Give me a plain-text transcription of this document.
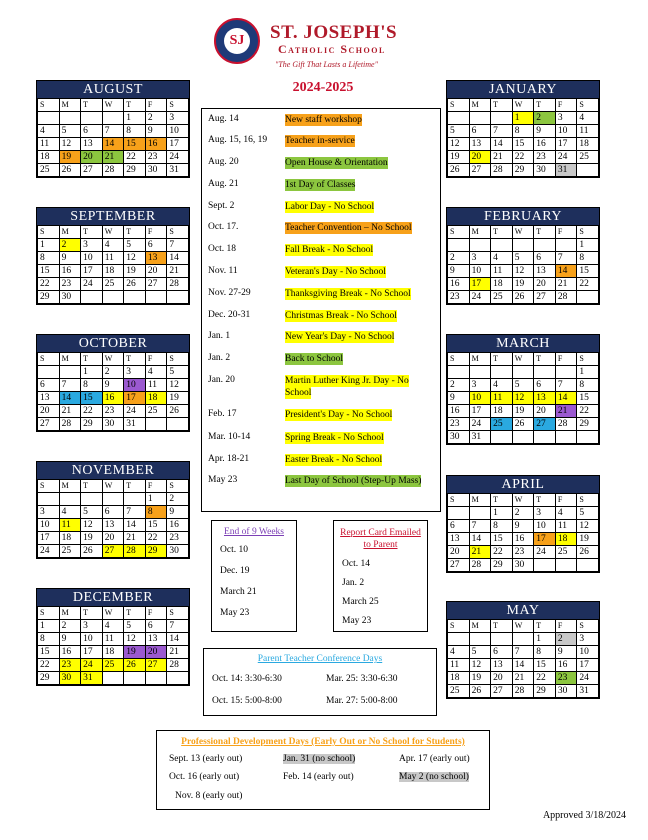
SJ ST. JOSEPH'S
Catholic School
"The Gift That Lasts a Lifetime"
2024-2025
AUGUST
S	M	T	W	T	F	S
				1	2	3
4	5	6	7	8	9	10
11	12	13	14	15	16	17
18	19	20	21	22	23	24
25	26	27	28	29	30	31
SEPTEMBER
S	M	T	W	T	F	S
1	2	3	4	5	6	7
8	9	10	11	12	13	14
15	16	17	18	19	20	21
22	23	24	25	26	27	28
29	30					
OCTOBER
S	M	T	W	T	F	S
		1	2	3	4	5
6	7	8	9	10	11	12
13	14	15	16	17	18	19
20	21	22	23	24	25	26
27	28	29	30	31		
NOVEMBER
S	M	T	W	T	F	S
					1	2
3	4	5	6	7	8	9
10	11	12	13	14	15	16
17	18	19	20	21	22	23
24	25	26	27	28	29	30
DECEMBER
S	M	T	W	T	F	S
1	2	3	4	5	6	7
8	9	10	11	12	13	14
15	16	17	18	19	20	21
22	23	24	25	26	27	28
29	30	31				
JANUARY
S	M	T	W	T	F	S
			1	2	3	4
5	6	7	8	9	10	11
12	13	14	15	16	17	18
19	20	21	22	23	24	25
26	27	28	29	30	31	
FEBRUARY
S	M	T	W	T	F	S
						1
2	3	4	5	6	7	8
9	10	11	12	13	14	15
16	17	18	19	20	21	22
23	24	25	26	27	28	
MARCH
S	M	T	W	T	F	S
						1
2	3	4	5	6	7	8
9	10	11	12	13	14	15
16	17	18	19	20	21	22
23	24	25	26	27	28	29
30	31					
APRIL
S	M	T	W	T	F	S
		1	2	3	4	5
6	7	8	9	10	11	12
13	14	15	16	17	18	19
20	21	22	23	24	25	26
27	28	29	30			
MAY
S	M	T	W	T	F	S
				1	2	3
4	5	6	7	8	9	10
11	12	13	14	15	16	17
18	19	20	21	22	23	24
25	26	27	28	29	30	31
Aug. 14	New staff workshop
Aug. 15, 16, 19	Teacher in-service
Aug. 20	Open House & Orientation
Aug. 21	1st Day of Classes
Sept. 2	Labor Day - No School
Oct. 17.	Teacher Convention – No School
Oct. 18	Fall Break - No School
Nov. 11	Veteran's Day - No School
Nov. 27-29	Thanksgiving Break - No School
Dec. 20-31	Christmas Break - No School
Jan. 1	New Year's Day - No School
Jan. 2	Back to School
Jan. 20	Martin Luther King Jr. Day - No School
Feb. 17	President's Day - No School
Mar. 10-14	Spring Break - No School
Apr. 18-21	Easter Break - No School
May 23	Last Day of School (Step-Up Mass)
End of 9 Weeks
Oct. 10
Dec. 19
March 21
May 23
Report Card Emailed to Parent
Oct. 14
Jan. 2
March 25
May 23
Parent Teacher Conference Days
Oct. 14: 3:30-6:30	Mar. 25: 3:30-6:30
Oct. 15: 5:00-8:00	Mar. 27: 5:00-8:00
Professional Development Days (Early Out or No School for Students)
Sept. 13 (early out)	Jan. 31 (no school)	Apr. 17 (early out)
Oct. 16 (early out)	Feb. 14 (early out)	May 2 (no school)
Nov. 8 (early out)
Approved 3/18/2024
